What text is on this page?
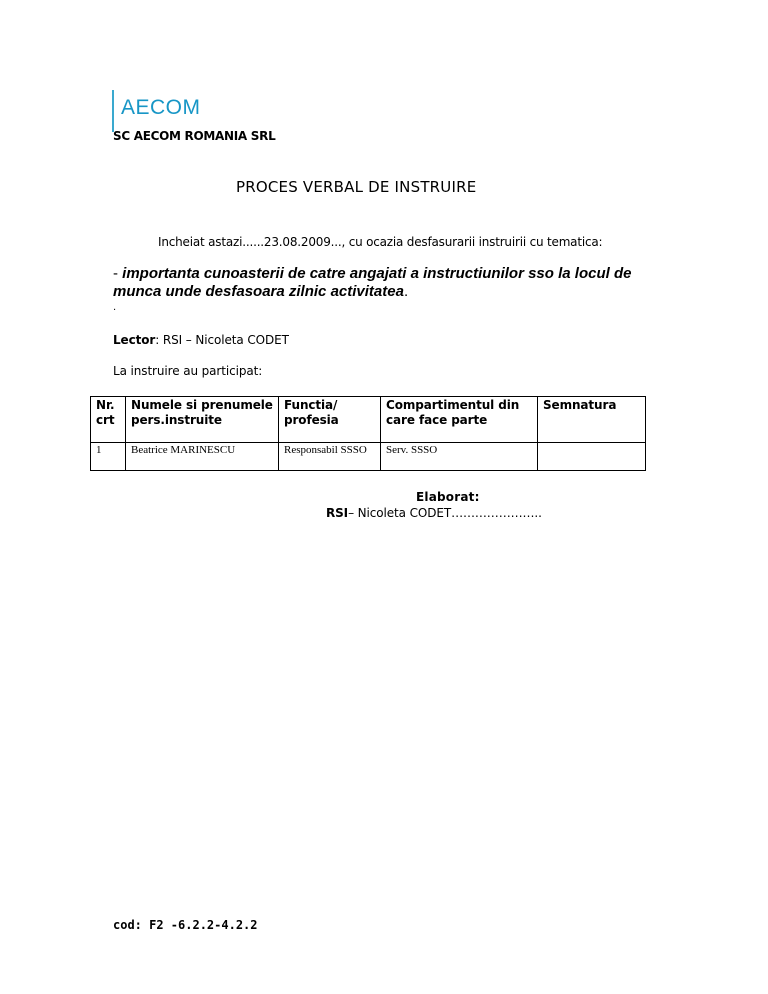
AECOM
SC AECOM ROMANIA SRL
PROCES VERBAL DE INSTRUIRE
Incheiat astazi......23.08.2009..., cu ocazia desfasurarii instruirii cu tematica:
- importanta cunoasterii de catre angajati a instructiunilor sso la locul de munca unde desfasoara zilnic activitatea.
.
Lector: RSI – Nicoleta CODET
La instruire au participat:
Nr. crt	Numele si prenumele pers.instruite	Functia/ profesia	Compartimentul din care face parte	Semnatura
1	Beatrice MARINESCU	Responsabil SSSO	Serv. SSSO	
Elaborat:
RSI– Nicoleta CODET…………………..
cod: F2 -6.2.2-4.2.2
